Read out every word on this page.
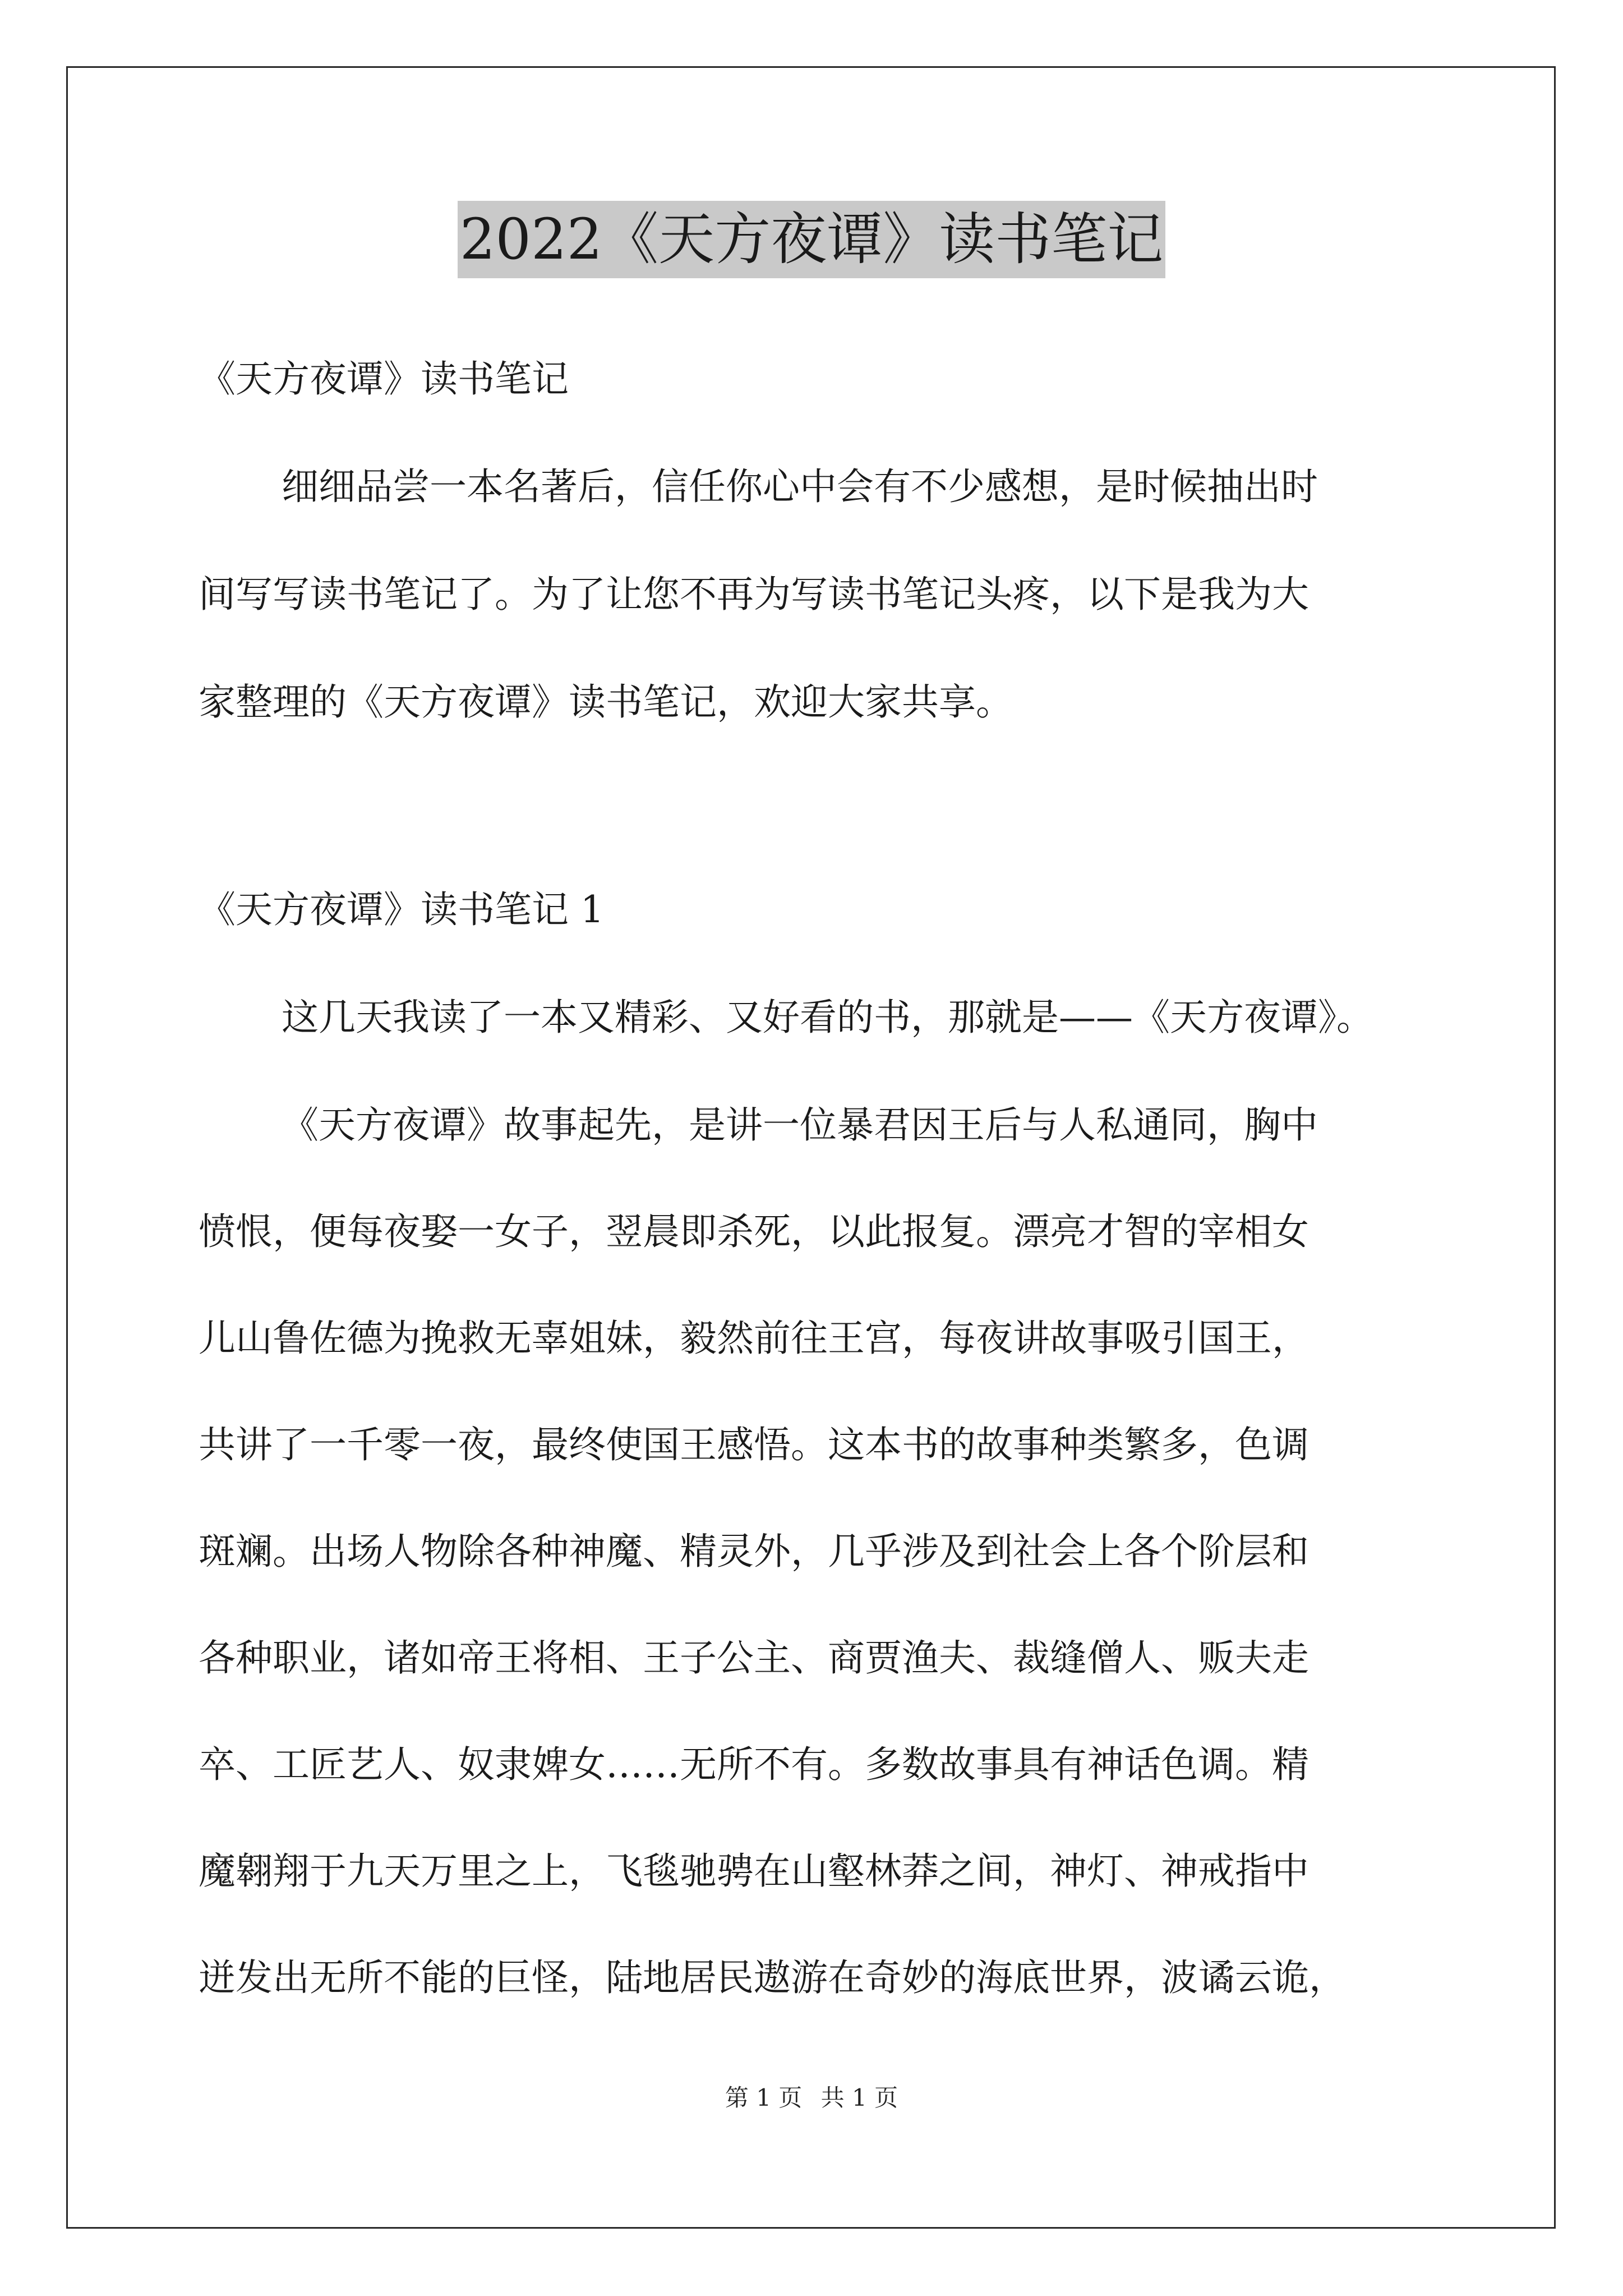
2022《天方夜谭》读书笔记
《天方夜谭》读书笔记
细细品尝一本名著后，信任你心中会有不少感想，是时候抽出时
间写写读书笔记了。为了让您不再为写读书笔记头疼，以下是我为大
家整理的《天方夜谭》读书笔记，欢迎大家共享。
《天方夜谭》读书笔记 1
这几天我读了一本又精彩、又好看的书，那就是——《天方夜谭》。
《天方夜谭》故事起先，是讲一位暴君因王后与人私通同，胸中
愤恨，便每夜娶一女子，翌晨即杀死，以此报复。漂亮才智的宰相女
儿山鲁佐德为挽救无辜姐妹，毅然前往王宫，每夜讲故事吸引国王，
共讲了一千零一夜，最终使国王感悟。这本书的故事种类繁多，色调
斑斓。出场人物除各种神魔、精灵外，几乎涉及到社会上各个阶层和
各种职业，诸如帝王将相、王子公主、商贾渔夫、裁缝僧人、贩夫走
卒、工匠艺人、奴隶婢女……无所不有。多数故事具有神话色调。精
魔翱翔于九天万里之上，飞毯驰骋在山壑林莽之间，神灯、神戒指中
迸发出无所不能的巨怪，陆地居民遨游在奇妙的海底世界，波谲云诡，
第 1 页 共 1 页
